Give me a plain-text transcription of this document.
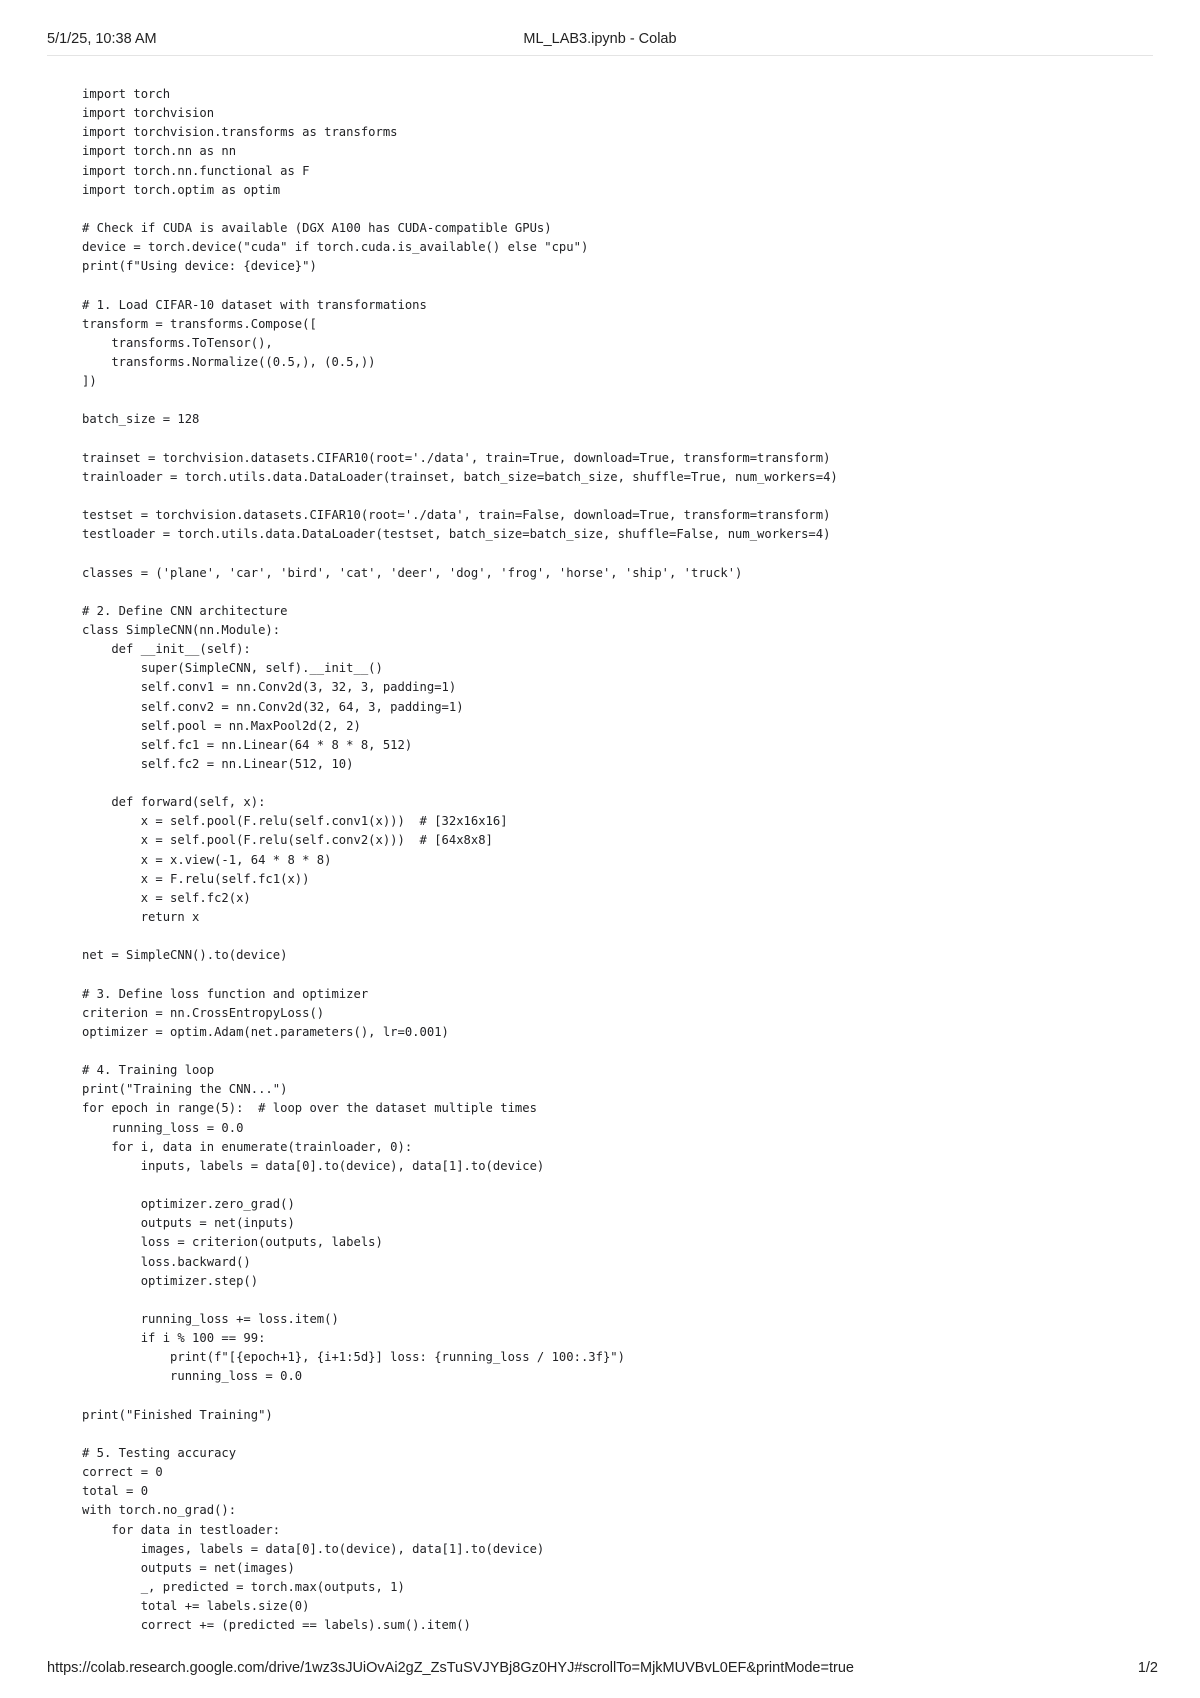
5/1/25, 10:38 AM	ML_LAB3.ipynb - Colab
import torch
import torchvision
import torchvision.transforms as transforms
import torch.nn as nn
import torch.nn.functional as F
import torch.optim as optim
# Check if CUDA is available (DGX A100 has CUDA-compatible GPUs)
device = torch.device("cuda" if torch.cuda.is_available() else "cpu")
print(f"Using device: {device}")
# 1. Load CIFAR-10 dataset with transformations
transform = transforms.Compose([
transforms.ToTensor(),
transforms.Normalize((0.5,), (0.5,))
])
batch_size = 128
trainset = torchvision.datasets.CIFAR10(root='./data', train=True, download=True, transform=transform)
trainloader = torch.utils.data.DataLoader(trainset, batch_size=batch_size, shuffle=True, num_workers=4)
testset = torchvision.datasets.CIFAR10(root='./data', train=False, download=True, transform=transform)
testloader = torch.utils.data.DataLoader(testset, batch_size=batch_size, shuffle=False, num_workers=4)
classes = ('plane', 'car', 'bird', 'cat', 'deer', 'dog', 'frog', 'horse', 'ship', 'truck')
# 2. Define CNN architecture
class SimpleCNN(nn.Module):
def __init__(self):
super(SimpleCNN, self).__init__()
self.conv1 = nn.Conv2d(3, 32, 3, padding=1)
self.conv2 = nn.Conv2d(32, 64, 3, padding=1)
self.pool = nn.MaxPool2d(2, 2)
self.fc1 = nn.Linear(64 * 8 * 8, 512)
self.fc2 = nn.Linear(512, 10)
def forward(self, x):
x = self.pool(F.relu(self.conv1(x)))  # [32x16x16]
x = self.pool(F.relu(self.conv2(x)))  # [64x8x8]
x = x.view(-1, 64 * 8 * 8)
x = F.relu(self.fc1(x))
x = self.fc2(x)
return x
net = SimpleCNN().to(device)
# 3. Define loss function and optimizer
criterion = nn.CrossEntropyLoss()
optimizer = optim.Adam(net.parameters(), lr=0.001)
# 4. Training loop
print("Training the CNN...")
for epoch in range(5):  # loop over the dataset multiple times
running_loss = 0.0
for i, data in enumerate(trainloader, 0):
inputs, labels = data[0].to(device), data[1].to(device)
optimizer.zero_grad()
outputs = net(inputs)
loss = criterion(outputs, labels)
loss.backward()
optimizer.step()
running_loss += loss.item()
if i % 100 == 99:
print(f"[{epoch+1}, {i+1:5d}] loss: {running_loss / 100:.3f}")
running_loss = 0.0
print("Finished Training")
# 5. Testing accuracy
correct = 0
total = 0
with torch.no_grad():
for data in testloader:
images, labels = data[0].to(device), data[1].to(device)
outputs = net(images)
_, predicted = torch.max(outputs, 1)
total += labels.size(0)
correct += (predicted == labels).sum().item()
https://colab.research.google.com/drive/1wz3sJUiOvAi2gZ_ZsTuSVJYBj8Gz0HYJ#scrollTo=MjkMUVBvL0EF&printMode=true	1/2
